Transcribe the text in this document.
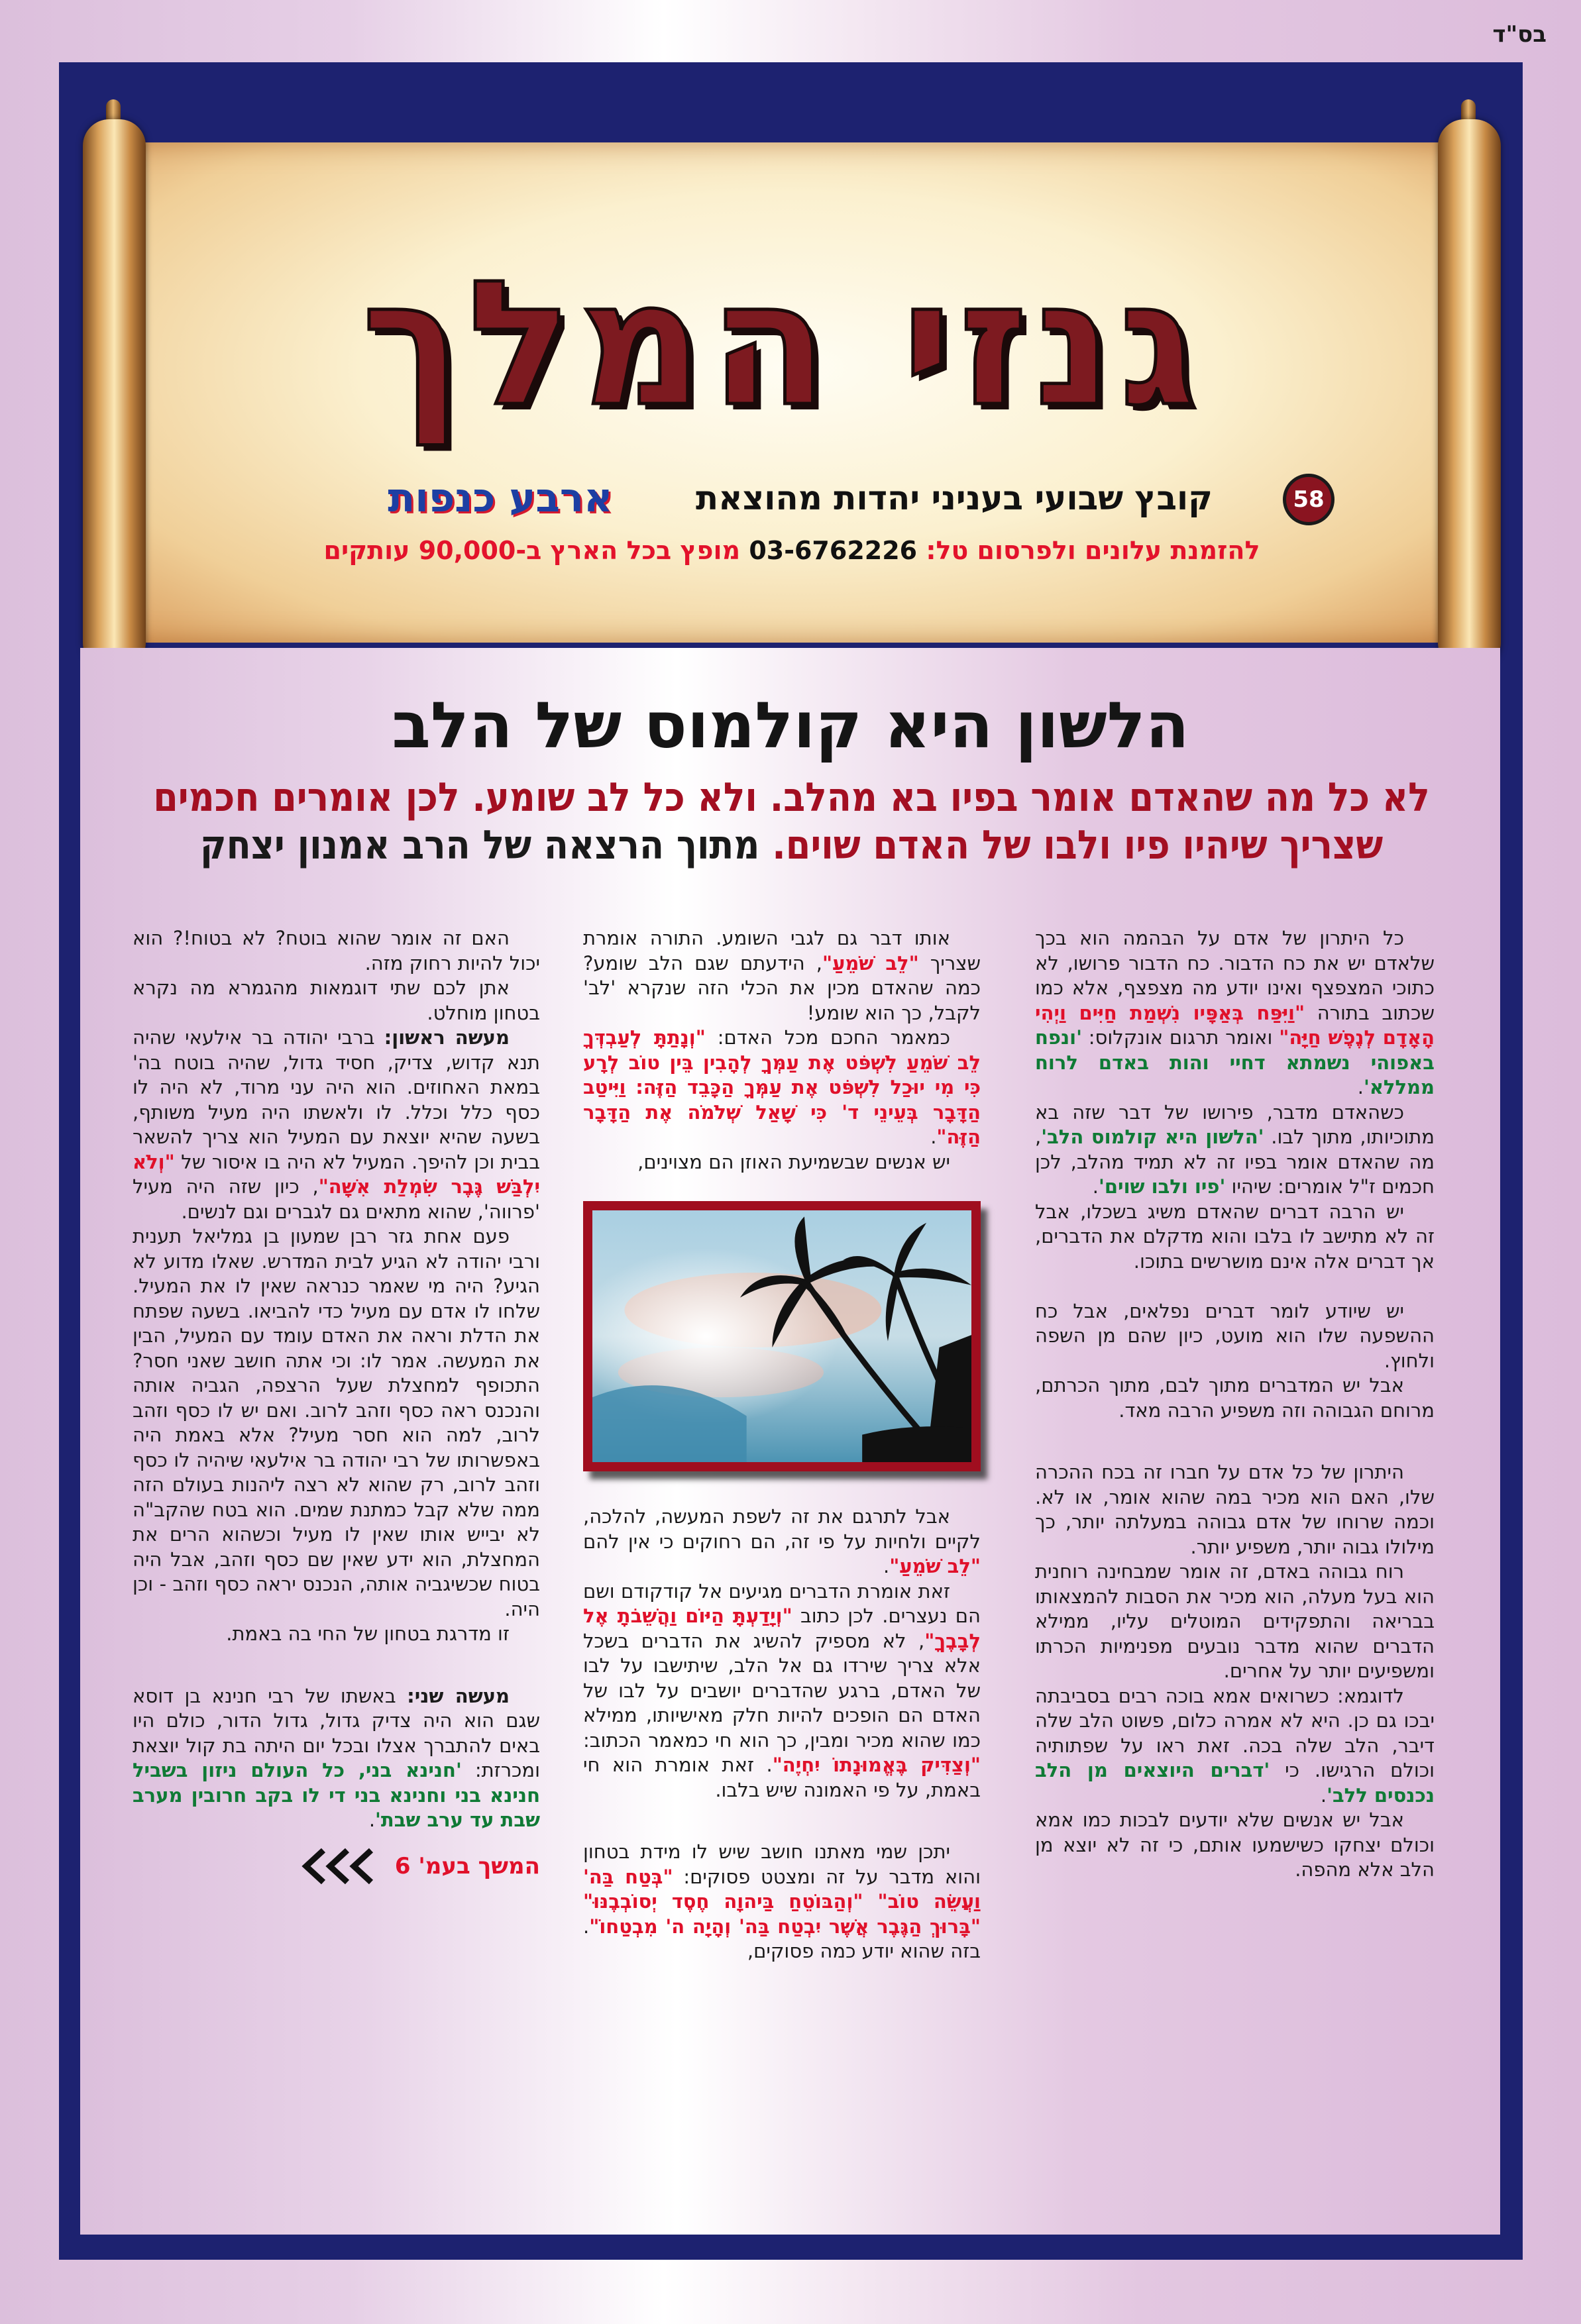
בס"ד
גנזי המלך
58
קובץ שבועי בעניני יהדות מהוצאת
ארבע כנפות
להזמנת עלונים ולפרסום טל: 03-6762226 מופץ בכל הארץ ב-90,000 עותקים
הלשון היא קולמוס של הלב
לא כל מה שהאדם אומר בפיו בא מהלב. ולא כל לב שומע. לכן אומרים חכמים שצריך שיהיו פיו ולבו של האדם שוים. מתוך הרצאה של הרב אמנון יצחק

כל היתרון של אדם על הבהמה הוא בכך שלאדם יש את כח הדבור. כח הדבור פרושו, לא כתוכי המצפצף ואינו יודע מה מצפצף, אלא כמו שכתוב בתורה "וַיִּפַּח בְּאַפָּיו נִשְׁמַת חַיִּים וַיְהִי הָאָדָם לְנֶפֶשׁ חַיָּה" ואומר תרגום אונקלוס: 'ונפח באפוהי נשמתא דחיי והות באדם לרוח ממללא'.

כשהאדם מדבר, פירושו של דבר שזה בא מתוכיותו, מתוך לבו. 'הלשון היא קולמוס הלב', מה שהאדם אומר בפיו זה לא תמיד מהלב, לכן חכמים ז"ל אומרים: שיהיו 'פיו ולבו שוים'.

יש הרבה דברים שהאדם משיג בשכלו, אבל זה לא מתישב לו בלבו והוא מדקלם את הדברים, אך דברים אלה אינם מושרשים בתוכו.

יש שיודע לומר דברים נפלאים, אבל כח ההשפעה שלו הוא מועט, כיון שהם מן השפה ולחוץ.

אבל יש המדברים מתוך לבם, מתוך הכרתם, מרוחם הגבוהה וזה משפיע הרבה מאד.

היתרון של כל אדם על חברו זה בכח ההכרה שלו, האם הוא מכיר במה שהוא אומר, או לא. וכמה שרוחו של אדם גבוהה במעלתה יותר, כך מילולו גבוה יותר, משפיע יותר.

רוח גבוהה באדם, זה אומר שמבחינה רוחנית הוא בעל מעלה, הוא מכיר את הסבות להמצאותו בבריאה והתפקידים המוטלים עליו, ממילא הדברים שהוא מדבר נובעים מפנימיות הכרתו ומשפיעים יותר על אחרים.

לדוגמא: כשרואים אמא בוכה רבים בסביבתה יבכו גם כן. היא לא אמרה כלום, פשוט הלב שלה דיבר, הלב שלה בכה. זאת ראו על שפתותיה וכולם הרגישו. כי 'דברים היוצאים מן הלב נכנסים ללב'.

אבל יש אנשים שלא יודעים לבכות כמו אמא וכולם יצחקו כשישמעו אותם, כי זה לא יוצא מן הלב אלא מהפה.

אותו דבר גם לגבי השומע. התורה אומרת שצריך "לֵב שֹׁמֵעַ", הידעתם שגם הלב שומע? כמה שהאדם מכין את הכלי הזה שנקרא 'לב' לקבל, כך הוא שומע!

כמאמר החכם מכל האדם: "וְנָתַתָּ לְעַבְדְּךָ לֵב שֹׁמֵעַ לִשְׁפֹּט אֶת עַמְּךָ לְהָבִין בֵּין טוֹב לְרָע כִּי מִי יוּכַל לִשְׁפֹּט אֶת עַמְּךָ הַכָּבֵד הַזֶּה: וַיִּיטַב הַדָּבָר בְּעֵינֵי ד' כִּי שָׁאַל שְׁלֹמֹה אֶת הַדָּבָר הַזֶּה".

יש אנשים שבשמיעת האוזן הם מצוינים,

אבל לתרגם את זה לשפת המעשה, להלכה, לקיים ולחיות על פי זה, הם רחוקים כי אין להם "לֵב שֹׁמֵעַ".

זאת אומרת הדברים מגיעים אל קודקודם ושם הם נעצרים. לכן כתוב "וְיָדַעְתָּ הַיּוֹם וַהֲשֵׁבֹתָ אֶל לְבָבֶךָ", לא מספיק להשיג את הדברים בשכל אלא צריך שירדו גם אל הלב, שיתישבו על לבו של האדם, ברגע שהדברים יושבים על לבו של האדם הם הופכים להיות חלק מאישיותו, ממילא כמו שהוא מכיר ומבין, כך הוא חי כמאמר הכתוב: "וְצַדִּיק בֶּאֱמוּנָתוֹ יִחְיֶה". זאת אומרת הוא חי באמת, על פי האמונה שיש בלבו.

יתכן שמי מאתנו חושב שיש לו מידת בטחון והוא מדבר על זה ומצטט פסוקים: "בְּטַח בַּה' וַעֲשֵׂה טוֹב" "וְהַבּוֹטֵחַ בַּיהוָה חֶסֶד יְסוֹבְבֶנּוּ" "בָּרוּךְ הַגֶּבֶר אֲשֶׁר יִבְטַח בַּה' וְהָיָה ה' מִבְטַחוֹ". בזה שהוא יודע כמה פסוקים,

האם זה אומר שהוא בוטח? לא בטוח!? הוא יכול להיות רחוק מזה.

אתן לכם שתי דוגמאות מהגמרא מה נקרא בטחון מוחלט.

מעשה ראשון: ברבי יהודה בר אילעאי שהיה תנא קדוש, צדיק, חסיד גדול, שהיה בוטח בה' במאת האחוזים. הוא היה עני מרוד, לא היה לו כסף כלל וכלל. לו ולאשתו היה מעיל משותף, בשעה שהיא יוצאת עם המעיל הוא צריך להשאר בבית וכן להיפך. המעיל לא היה בו איסור של "וְלֹא יִלְבַּשׁ גֶּבֶר שִׂמְלַת אִשָּׁה", כיון שזה היה מעיל 'פרווה', שהוא מתאים גם לגברים וגם לנשים.

פעם אחת גזר רבן שמעון בן גמליאל תענית ורבי יהודה לא הגיע לבית המדרש. שאלו מדוע לא הגיע? היה מי שאמר כנראה שאין לו את המעיל. שלחו לו אדם עם מעיל כדי להביאו. בשעה שפתח את הדלת וראה את האדם עומד עם המעיל, הבין את המעשה. אמר לו: וכי אתה חושב שאני חסר? התכופף למחצלת שעל הרצפה, הגביה אותה והנכנס ראה כסף וזהב לרוב. ואם יש לו כסף וזהב לרוב, למה הוא חסר מעיל? אלא באמת היה באפשרותו של רבי יהודה בר אילעאי שיהיה לו כסף וזהב לרוב, רק שהוא לא רצה ליהנות בעולם הזה ממה שלא קבל כמתנת שמים. הוא בטח שהקב"ה לא יבייש אותו שאין לו מעיל וכשהוא הרים את המחצלת, הוא ידע שאין שם כסף וזהב, אבל היה בטוח שכשיגביה אותה, הנכנס יראה כסף וזהב - וכן היה.

זו מדרגת בטחון של החי בה באמת.

מעשה שני: באשתו של רבי חנינא בן דוסא שגם הוא היה צדיק גדול, גדול הדור, כולם היו באים להתברך אצלו ובכל יום היתה בת קול יוצאת ומכרזת: 'חנינא בני, כל העולם ניזון בשביל חנינא בני וחנינא בני די לו בקב חרובין מערב שבת עד ערב שבת'.

המשך בעמ' 6
